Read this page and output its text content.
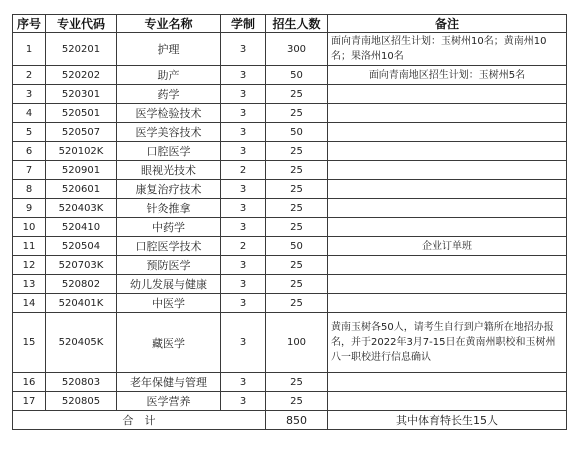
序号	专业代码	专业名称	学制	招生人数	备注
1	520201	护理	3	300	面向青南地区招生计划：玉树州10名；黄南州10名；果洛州10名
2	520202	助产	3	50	面向青南地区招生计划：玉树州5名
3	520301	药学	3	25	
4	520501	医学检验技术	3	25	
5	520507	医学美容技术	3	50	
6	520102K	口腔医学	3	25	
7	520901	眼视光技术	2	25	
8	520601	康复治疗技术	3	25	
9	520403K	针灸推拿	3	25	
10	520410	中药学	3	25	
11	520504	口腔医学技术	2	50	企业订单班
12	520703K	预防医学	3	25	
13	520802	幼儿发展与健康	3	25	
14	520401K	中医学	3	25	
15	520405K	藏医学	3	100	黄南玉树各50人，请考生自行到户籍所在地招办报名，并于2022年3月7-15日在黄南州职校和玉树州八一职校进行信息确认
16	520803	老年保健与管理	3	25	
17	520805	医学营养	3	25	
合　计				850	其中体育特长生15人
